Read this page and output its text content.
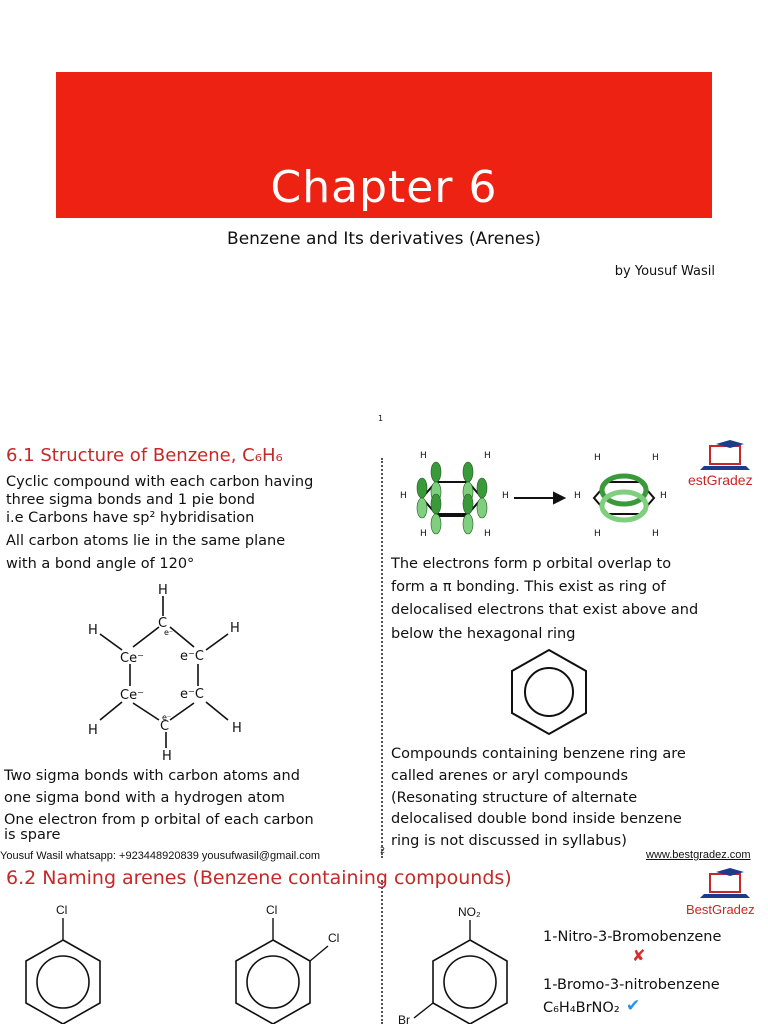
Chapter 6
Benzene and Its derivatives (Arenes)
by Yousuf Wasil
1
6.1 Structure of Benzene, C₆H₆
Cyclic compound with each carbon having
three sigma bonds and 1 pie bond
i.e Carbons have sp² hybridisation
All carbon atoms lie in the same plane
with a bond angle of 120°
H
C
H	H
Ce⁻	e⁻C
Ce⁻	e⁻C
C
H	H
H
e⁻
e⁻
Two sigma bonds with carbon atoms and
one sigma bond with a hydrogen atom
One electron from p orbital of each carbon
is spare
H	H
H	H
H	H
H	H
H	H
H	H
estGradez
The electrons form p orbital overlap to
form a π bonding. This exist as ring of
delocalised electrons that exist above and
below the hexagonal ring
Compounds containing benzene ring are
called arenes or aryl compounds
(Resonating structure of alternate
delocalised double bond inside benzene
ring is not discussed in syllabus)
Yousuf Wasil whatsapp: +923448920839 yousufwasil@gmail.com	2	www.bestgradez.com
6.2 Naming arenes (Benzene containing compounds)
Cl	Cl
Cl
NO₂
Br
BestGradez
1-Nitro-3-Bromobenzene
✘
1-Bromo-3-nitrobenzene
C₆H₄BrNO₂ ✔
